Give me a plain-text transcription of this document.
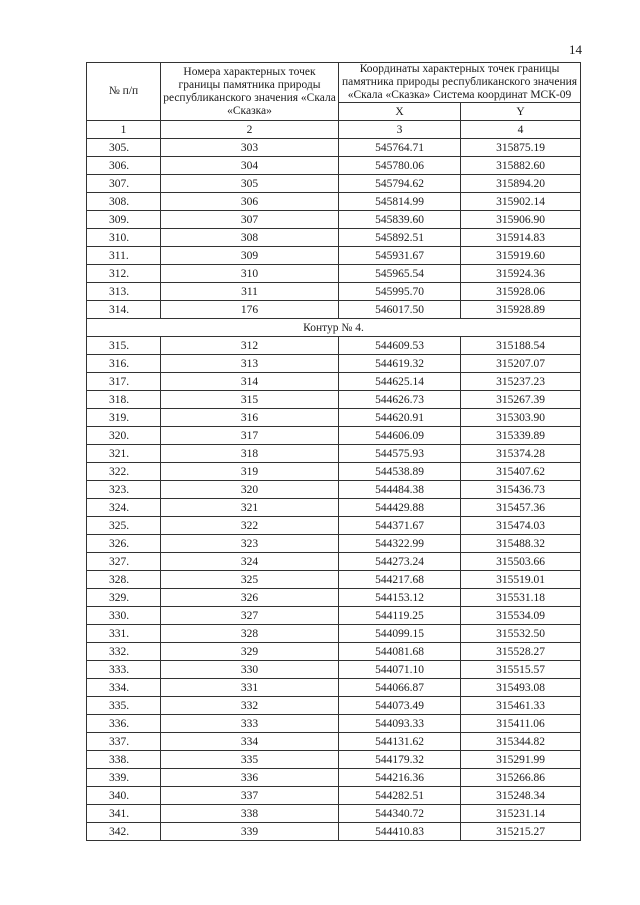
14
№ п/п	Номера характерных точек границы памятника природы республиканского значения «Скала «Сказка»	Координаты характерных точек границы памятника природы республиканского значения «Скала «Сказка» Система координат МСК-09	
		X	Y
1	2	3	4
305.	303	545764.71	315875.19
306.	304	545780.06	315882.60
307.	305	545794.62	315894.20
308.	306	545814.99	315902.14
309.	307	545839.60	315906.90
310.	308	545892.51	315914.83
311.	309	545931.67	315919.60
312.	310	545965.54	315924.36
313.	311	545995.70	315928.06
314.	176	546017.50	315928.89
Контур № 4.			
315.	312	544609.53	315188.54
316.	313	544619.32	315207.07
317.	314	544625.14	315237.23
318.	315	544626.73	315267.39
319.	316	544620.91	315303.90
320.	317	544606.09	315339.89
321.	318	544575.93	315374.28
322.	319	544538.89	315407.62
323.	320	544484.38	315436.73
324.	321	544429.88	315457.36
325.	322	544371.67	315474.03
326.	323	544322.99	315488.32
327.	324	544273.24	315503.66
328.	325	544217.68	315519.01
329.	326	544153.12	315531.18
330.	327	544119.25	315534.09
331.	328	544099.15	315532.50
332.	329	544081.68	315528.27
333.	330	544071.10	315515.57
334.	331	544066.87	315493.08
335.	332	544073.49	315461.33
336.	333	544093.33	315411.06
337.	334	544131.62	315344.82
338.	335	544179.32	315291.99
339.	336	544216.36	315266.86
340.	337	544282.51	315248.34
341.	338	544340.72	315231.14
342.	339	544410.83	315215.27
